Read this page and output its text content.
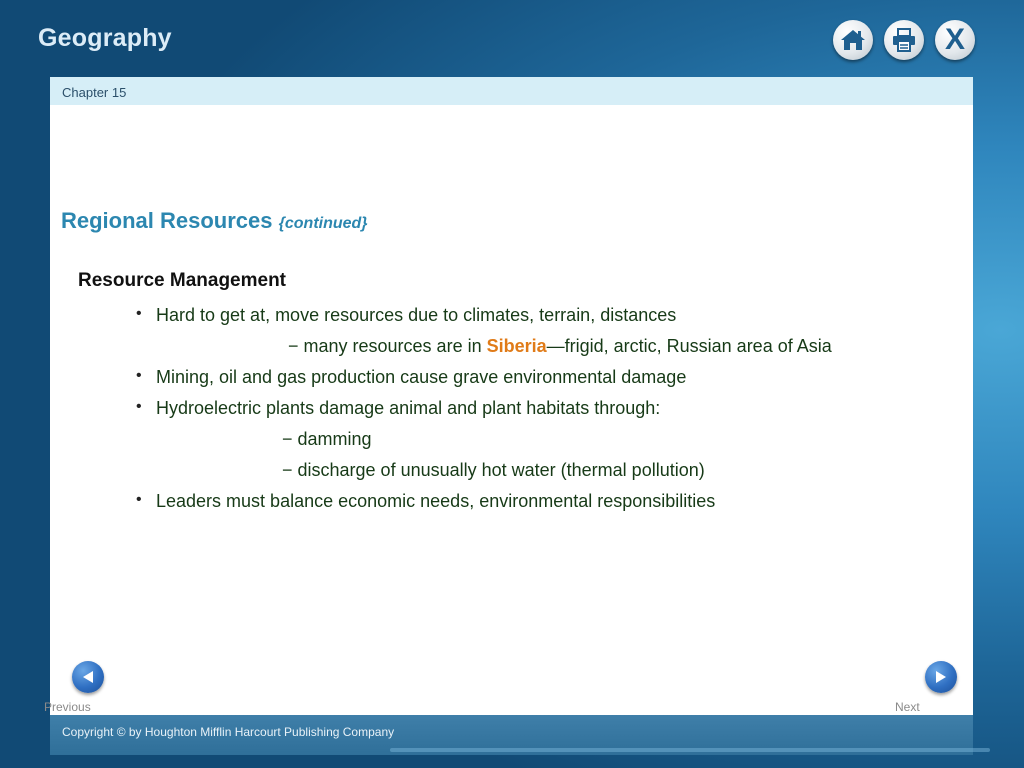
Geography	X
Chapter 15
Regional Resources {continued}
Resource Management
• Hard to get at, move resources due to climates, terrain, distances
− many resources are in Siberia—frigid, arctic, Russian area of Asia
• Mining, oil and gas production cause grave environmental damage
• Hydroelectric plants damage animal and plant habitats through:
− damming
− discharge of unusually hot water (thermal pollution)
• Leaders must balance economic needs, environmental responsibilities
Previous	Next
Copyright © by Houghton Mifflin Harcourt Publishing Company
